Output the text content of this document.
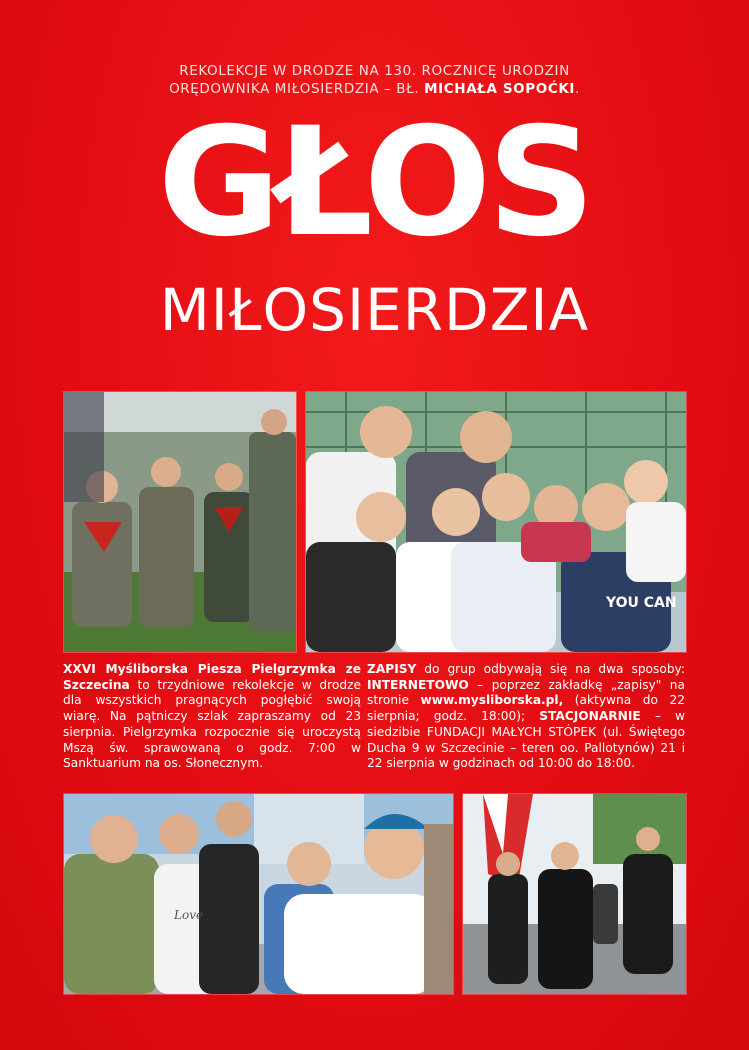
REKOLEKCJE W DRODZE NA 130. ROCZNICĘ URODZIN
ORĘDOWNIKA MIŁOSIERDZIA – BŁ. MICHAŁA SOPOĆKI.
GŁOS
MIŁOSIERDZIA
YOU CAN
XXVI Myśliborska Piesza Pielgrzymka ze Szczecina to trzydniowe rekolekcje w drodze dla wszystkich pragnących pogłębić swoją wiarę. Na pątniczy szlak zapraszamy od 23 sierpnia. Pielgrzymka rozpocznie się uroczystą Mszą św. sprawowaną o godz. 7:00 w Sanktuarium na os. Słonecznym.
ZAPISY do grup odbywają się na dwa sposoby: INTERNETOWO – poprzez zakładkę „zapisy" na stronie www.mysliborska.pl, (aktywna do 22 sierpnia; godz. 18:00); STACJONARNIE – w siedzibie FUNDACJI MAŁYCH STÓPEK (ul. Świętego Ducha 9 w Szczecinie – teren oo. Pallotynów) 21 i 22 sierpnia w godzinach od 10:00 do 18:00.
Love
